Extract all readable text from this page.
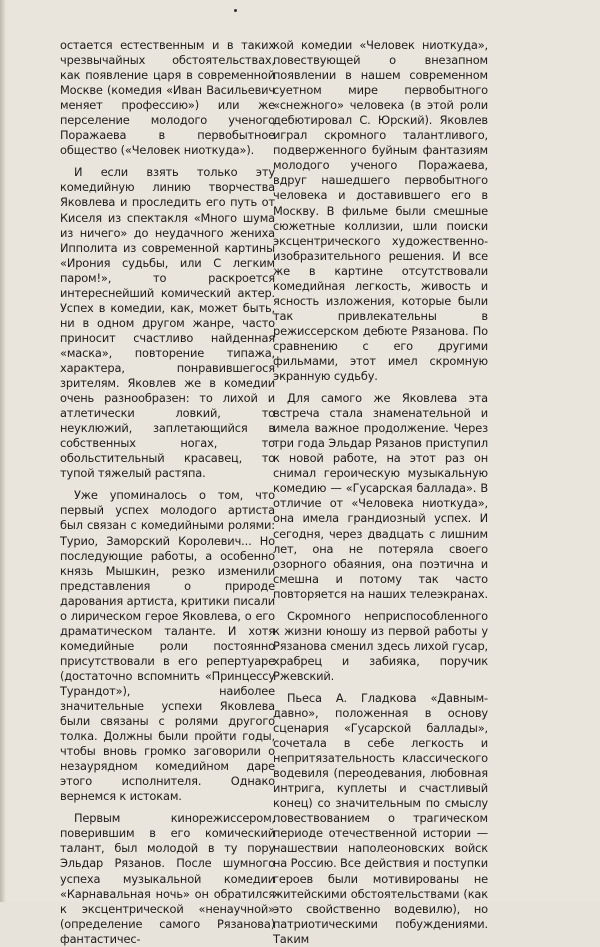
остается естественным и в таких чрезвычайных обстоятельствах, как появление царя в современной Москве (комедия «Иван Васильевич меняет профессию») или же перселение молодого ученого Поражаева в первобытное общество («Человек ниоткуда»).

И если взять только эту комедийную линию творчества Яковлева и проследить его путь от Киселя из спектакля «Много шума из ничего» до неудачного жениха Ипполита из современной картины «Ирония судьбы, или С легким паром!», то раскроется интереснейший комический актер. Успех в комедии, как, может быть, ни в одном другом жанре, часто приносит счастливо найденная «маска», повторение типажа, характера, понравившегося зрителям. Яковлев же в комедии очень разнообразен: то лихой и атлетически ловкий, то неуклюжий, заплетающийся в собственных ногах, то обольстительный красавец, то тупой тяжелый растяпа.

Уже упоминалось о том, что первый успех молодого артиста был связан с комедийными ролями: Турио, Заморский Королевич... Но последующие работы, а особенно князь Мышкин, резко изменили представления о природе дарования артиста, критики писали о лирическом герое Яковлева, о его драматическом таланте. И хотя комедийные роли постоянно присутствовали в его репертуаре (достаточно вспомнить «Принцессу Турандот»), наиболее значительные успехи Яковлева были связаны с ролями другого толка. Должны были пройти годы, чтобы вновь громко заговорили о незаурядном комедийном даре этого исполнителя. Однако вернемся к истокам.

Первым кинорежиссером, поверившим в его комический талант, был молодой в ту пору Эльдар Рязанов. После шумного успеха музыкальной комедии «Карнавальная ночь» он обратился к эксцентрической «ненаучной» (определение самого Рязанова) фантастичес-

кой комедии «Человек ниоткуда», повествующей о внезапном появлении в нашем современном суетном мире первобытного «снежного» человека (в этой роли дебютировал С. Юрский). Яковлев играл скромного талантливого, подверженного буйным фантазиям молодого ученого Поражаева, вдруг нашедшего первобытного человека и доставившего его в Москву. В фильме были смешные сюжетные коллизии, шли поиски эксцентрического художественно-изобразительного решения. И все же в картине отсутствовали комедийная легкость, живость и ясность изложения, которые были так привлекательны в режиссерском дебюте Рязанова. По сравнению с его другими фильмами, этот имел скромную экранную судьбу.

Для самого же Яковлева эта встреча стала знаменательной и имела важное продолжение. Через три года Эльдар Рязанов приступил к новой работе, на этот раз он снимал героическую музыкальную комедию — «Гусарская баллада». В отличие от «Человека ниоткуда», она имела грандиозный успех. И сегодня, через двадцать с лишним лет, она не потеряла своего озорного обаяния, она поэтична и смешна и потому так часто повторяется на наших телеэкранах.

Скромного неприспособленного к жизни юношу из первой работы у Рязанова сменил здесь лихой гусар, храбрец и забияка, поручик Ржевский.

Пьеса А. Гладкова «Давным-давно», положенная в основу сценария «Гусарской баллады», сочетала в себе легкость и непритязательность классического водевиля (переодевания, любовная интрига, куплеты и счастливый конец) со значительным по смыслу повествованием о трагическом периоде отечественной истории — нашествии наполеоновских войск на Россию. Все действия и поступки героев были мотивированы не житейскими обстоятельствами (как это свойственно водевилю), но патриотическими побуждениями. Таким
